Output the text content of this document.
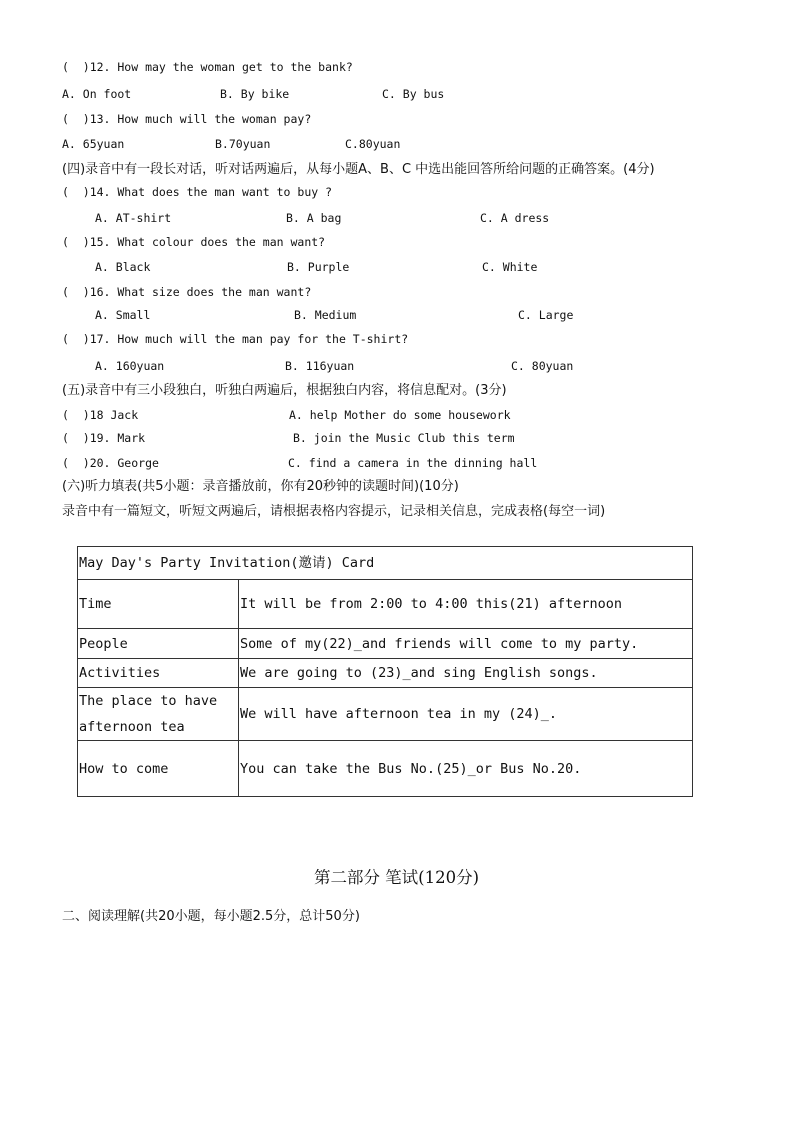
(  )12. How may the woman get to the bank?
A. On foot	B. By bike	C. By bus
(  )13. How much will the woman pay?
A. 65yuan	B.70yuan	C.80yuan
(四)录音中有一段长对话，听对话两遍后，从每小题A、B、C 中选出能回答所给问题的正确答案。(4分)
(  )14. What does the man want to buy ?
A. AT-shirt	B. A bag	C. A dress
(  )15. What colour does the man want?
A. Black	B. Purple	C. White
(  )16. What size does the man want?
A. Small	B. Medium	C. Large
(  )17. How much will the man pay for the T-shirt?
A. 160yuan	B. 116yuan	C. 80yuan
(五)录音中有三小段独白，听独白两遍后，根据独白内容，将信息配对。(3分)
(  )18 Jack	A. help Mother do some housework
(  )19. Mark	B. join the Music Club this term
(  )20. George	C. find a camera in the dinning hall
(六)听力填表(共5小题：录音播放前，你有20秒钟的读题时间)(10分)
录音中有一篇短文，听短文两遍后，请根据表格内容提示，记录相关信息，完成表格(每空一词)
May Day's Party Invitation(邀请) Card	
Time	It will be from 2:00 to 4:00 this(21) afternoon
People	Some of my(22)_and friends will come to my party.
Activities	We are going to (23)_and sing English songs.
The place to have afternoon tea	We will have afternoon tea in my (24)_.
How to come	You can take the Bus No.(25)_or Bus No.20.
第二部分 笔试(120分)
二、阅读理解(共20小题，每小题2.5分，总计50分)
